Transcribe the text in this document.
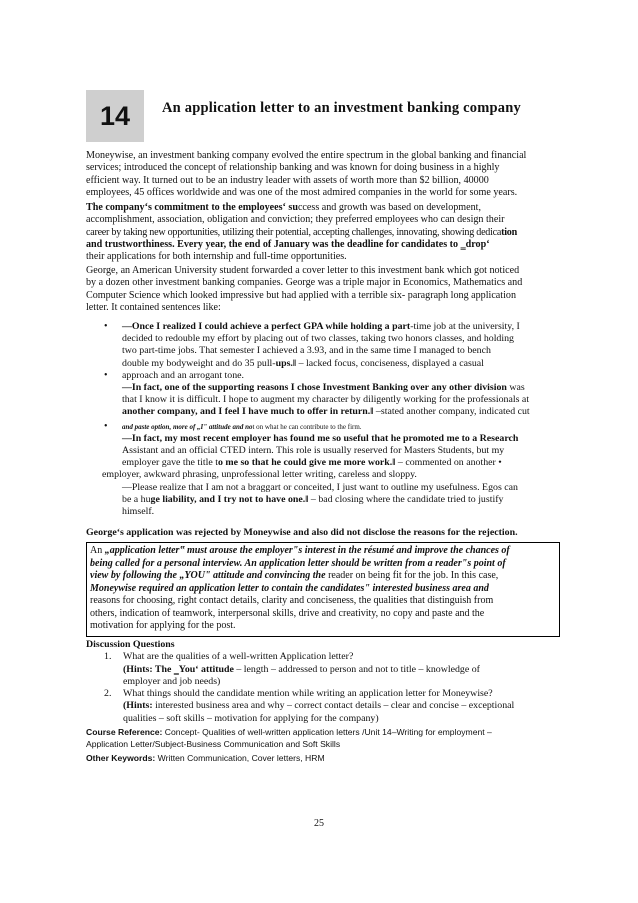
14 An application letter to an investment banking company
Moneywise, an investment banking company evolved the entire spectrum in the global banking and financial
services; introduced the concept of relationship banking and was known for doing business in a highly
efficient way. It turned out to be an industry leader with assets of worth more than $2 billion, 40000
employees, 45 offices worldwide and was one of the most admired companies in the world for some years.
The company‘s commitment to the employees‘ success and growth was based on development,
accomplishment, association, obligation and conviction; they preferred employees who can design their
career by taking new opportunities, utilizing their potential, accepting challenges, innovating, showing dedication
and trustworthiness. Every year, the end of January was the deadline for candidates to ‗drop‘
their applications for both internship and full-time opportunities.
George, an American University student forwarded a cover letter to this investment bank which got noticed
by a dozen other investment banking companies. George was a triple major in Economics, Mathematics and
Computer Science which looked impressive but had applied with a terrible six- paragraph long application
letter. It contained sentences like:
• ―Once I realized I could achieve a perfect GPA while holding a part-time job at the university, I
decided to redouble my effort by placing out of two classes, taking two honors classes, and holding
two part-time jobs. That semester I achieved a 3.93, and in the same time I managed to bench
double my bodyweight and do 35 pull-ups.‖ – lacked focus, conciseness, displayed a casual
• approach and an arrogant tone.
―In fact, one of the supporting reasons I chose Investment Banking over any other division was
that I know it is difficult. I hope to augment my character by diligently working for the professionals at
another company, and I feel I have much to offer in return.‖ –stated another company, indicated cut
• and paste option, more of „I" attitude and not on what he can contribute to the firm.
―In fact, my most recent employer has found me so useful that he promoted me to a Research
Assistant and an official CTED intern. This role is usually reserved for Masters Students, but my
employer gave the title to me so that he could give me more work.‖ – commented on another •
employer, awkward phrasing, unprofessional letter writing, careless and sloppy.
―Please realize that I am not a braggart or conceited, I just want to outline my usefulness. Egos can
be a huge liability, and I try not to have one.‖ – bad closing where the candidate tried to justify
himself.
George‘s application was rejected by Moneywise and also did not disclose the reasons for the rejection.
An „application letter‟ must arouse the employer"s interest in the résumé and improve the chances of
being called for a personal interview. An application letter should be written from a reader"s point of
view by following the „YOU" attitude and convincing the reader on being fit for the job. In this case,
Moneywise required an application letter to contain the candidates" interested business area and
reasons for choosing, right contact details, clarity and conciseness, the qualities that distinguish from
others, indication of teamwork, interpersonal skills, drive and creativity, no copy and paste and the
motivation for applying for the post.
Discussion Questions
1. What are the qualities of a well-written Application letter?
(Hints: The ‗You‘ attitude – length – addressed to person and not to title – knowledge of
employer and job needs)
2. What things should the candidate mention while writing an application letter for Moneywise?
(Hints: interested business area and why – correct contact details – clear and concise – exceptional
qualities – soft skills – motivation for applying for the company)
Course Reference: Concept- Qualities of well-written application letters /Unit 14–Writing for employment –
Application Letter/Subject-Business Communication and Soft Skills
Other Keywords: Written Communication, Cover letters, HRM
25
